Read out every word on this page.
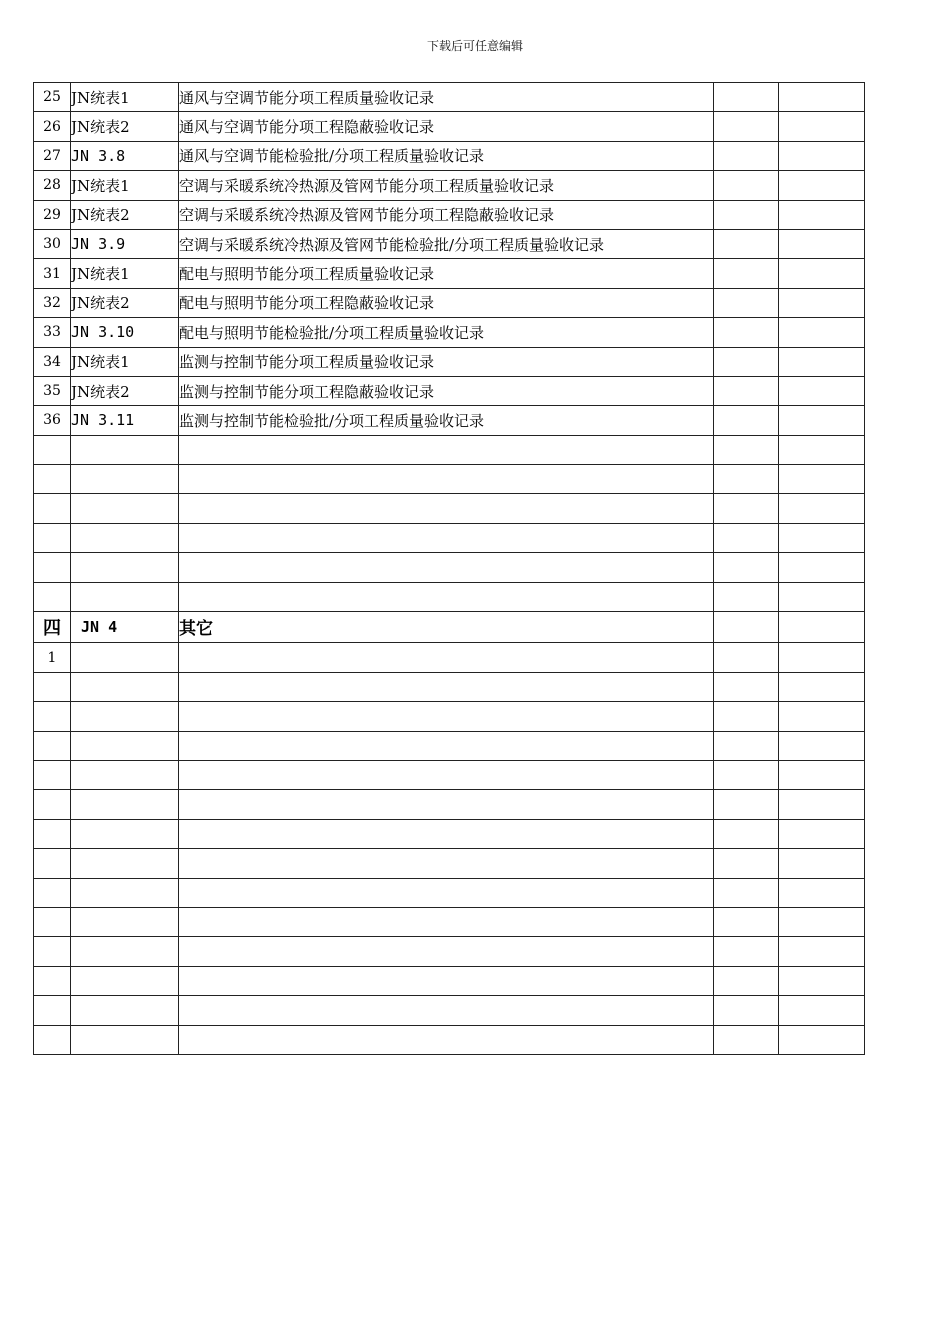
下载后可任意编辑
25	JN统表1	通风与空调节能分项工程质量验收记录		
26	JN统表2	通风与空调节能分项工程隐蔽验收记录		
27	JN 3.8	通风与空调节能检验批/分项工程质量验收记录		
28	JN统表1	空调与采暖系统冷热源及管网节能分项工程质量验收记录		
29	JN统表2	空调与采暖系统冷热源及管网节能分项工程隐蔽验收记录		
30	JN 3.9	空调与采暖系统冷热源及管网节能检验批/分项工程质量验收记录		
31	JN统表1	配电与照明节能分项工程质量验收记录		
32	JN统表2	配电与照明节能分项工程隐蔽验收记录		
33	JN 3.10	配电与照明节能检验批/分项工程质量验收记录		
34	JN统表1	监测与控制节能分项工程质量验收记录		
35	JN统表2	监测与控制节能分项工程隐蔽验收记录		
36	JN 3.11	监测与控制节能检验批/分项工程质量验收记录		

四	JN 4	其它		
1				
